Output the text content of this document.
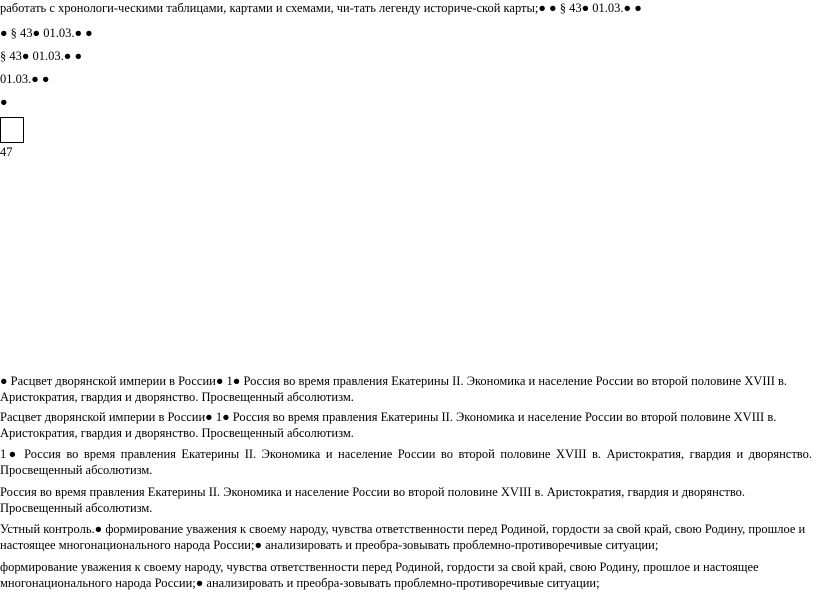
работать с хронологи-ческими таблицами, картами и схемами, чи-тать легенду историче-ской карты;● ● § 43● 01.03.● ●
● § 43● 01.03.● ●
§ 43● 01.03.● ●
01.03.● ●
●
47
● Расцвет дворянской империи в России● 1● Россия во время правления Екатерины II. Экономика и население России во второй половине XVIII в. Аристократия, гвардия и дворянство. Просвещенный абсолютизм.
Расцвет дворянской империи в России● 1● Россия во время правления Екатерины II. Экономика и население России во второй половине XVIII в. Аристократия, гвардия и дворянство. Просвещенный абсолютизм.
1● Россия во время правления Екатерины II. Экономика и население России во второй половине XVIII в. Аристократия, гвардия и дворянство. Просвещенный абсолютизм.
Россия во время правления Екатерины II. Экономика и население России во второй половине XVIII в. Аристократия, гвардия и дворянство. Просвещенный абсолютизм.
Устный контроль.● формирование уважения к своему народу, чувства ответственности перед Родиной, гордости за свой край, свою Родину, прошлое и настоящее многонационального народа России;● анализировать и преобра-зовывать проблемно-противоречивые ситуации;
формирование уважения к своему народу, чувства ответственности перед Родиной, гордости за свой край, свою Родину, прошлое и настоящее многонационального народа России;● анализировать и преобра-зовывать проблемно-противоречивые ситуации;
